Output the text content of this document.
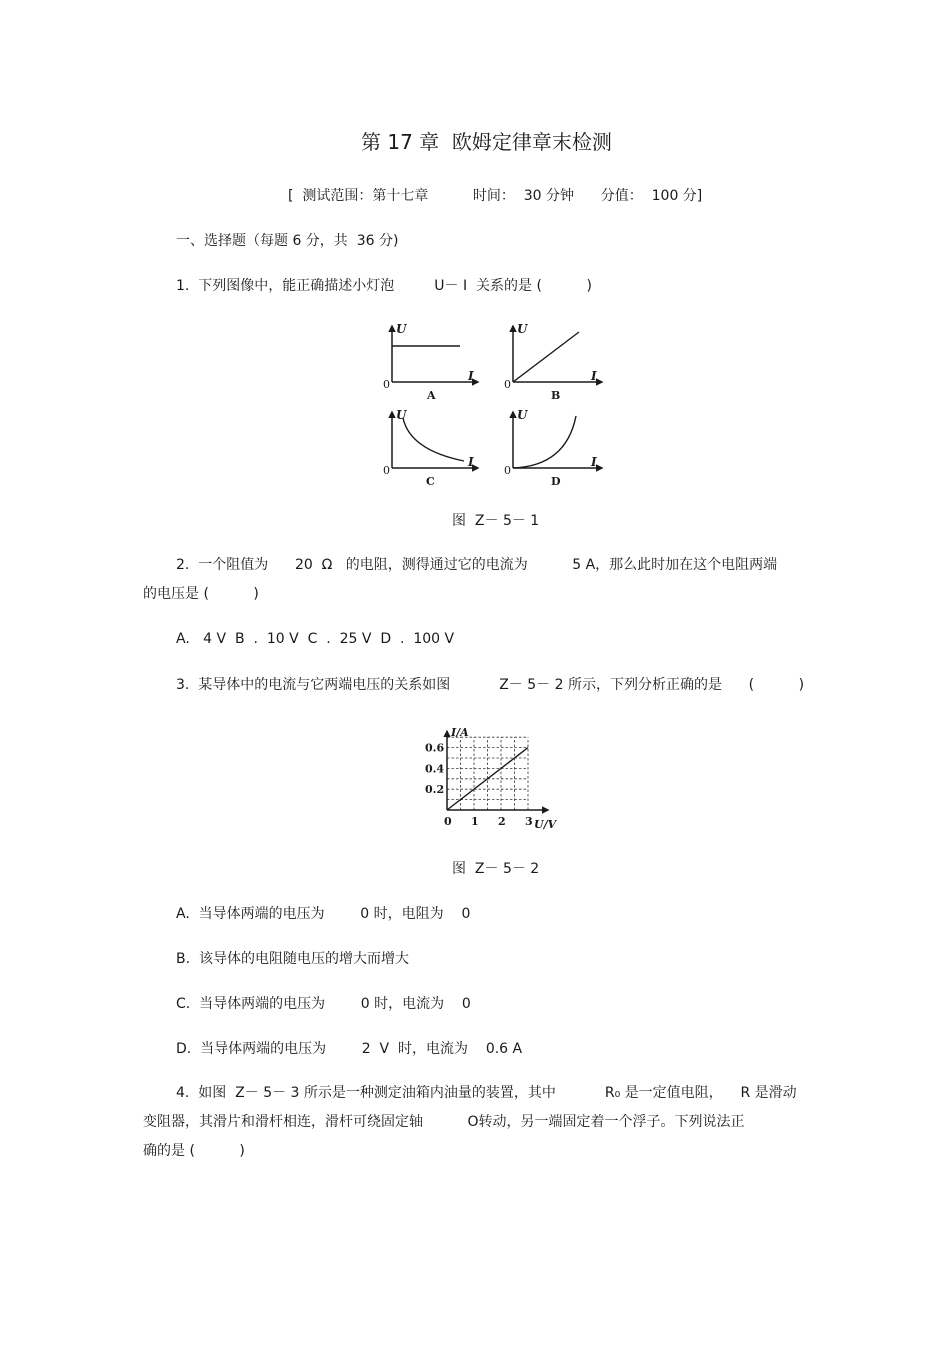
第 17 章  欧姆定律章末检测
[  测试范围：第十七章          时间：  30 分钟      分值：  100 分]
一、选择题（每题 6 分，共  36 分)
1.  下列图像中，能正确描述小灯泡         U－ I  关系的是 (          )
U
I
0
A
U
I
0
B
U
I
0
C
U
I
0
D
图  Z－ 5－ 1
2.  一个阻值为      20  Ω   的电阻，测得通过它的电流为          5 A，那么此时加在这个电阻两端
的电压是 (          )
A.   4 V  B  .  10 V  C  .  25 V  D  .  100 V
3.  某导体中的电流与它两端电压的关系如图           Z－ 5－ 2 所示，下列分析正确的是      (          )
0 1 2 3
0.2
0.4
0.6
I/A
U/V
图  Z－ 5－ 2
A.  当导体两端的电压为        0 时，电阻为    0
B.  该导体的电阻随电压的增大而增大
C.  当导体两端的电压为        0 时，电流为    0
D.  当导体两端的电压为        2  V  时，电流为    0.6 A
4.  如图  Z－ 5－ 3 所示是一种测定油箱内油量的装置，其中           R₀ 是一定值电阻，    R 是滑动
变阻器，其滑片和滑杆相连，滑杆可绕固定轴          O转动，另一端固定着一个浮子。下列说法正
确的是 (          )
